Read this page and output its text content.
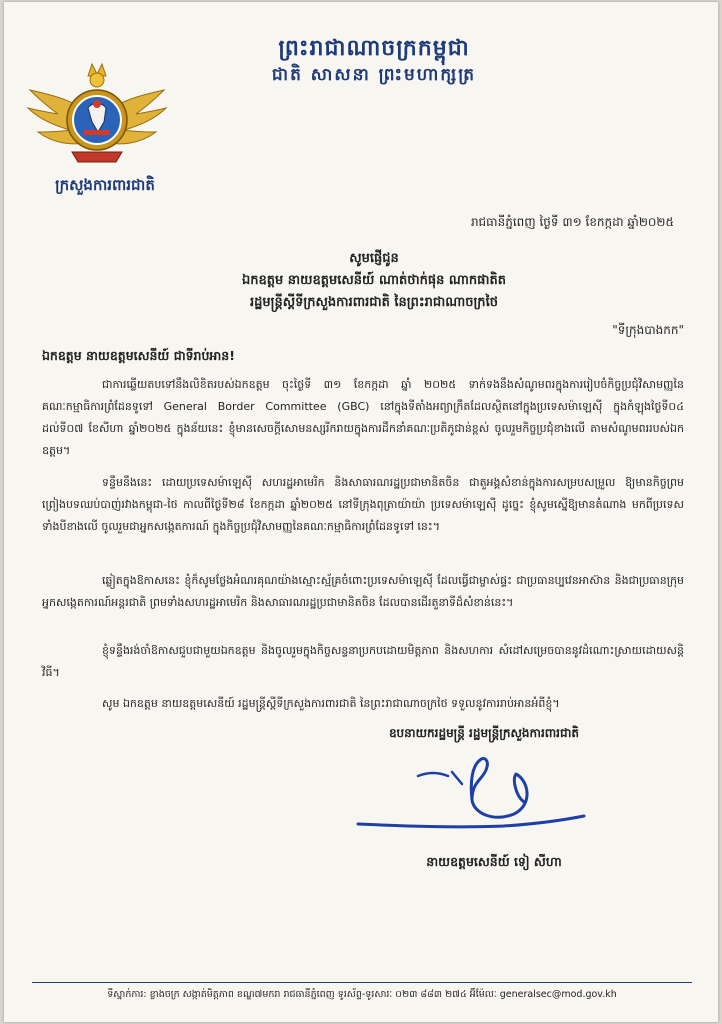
ព្រះរាជាណាចក្រកម្ពុជា
ជាតិ សាសនា ព្រះមហាក្សត្រ
ក្រសួងការពារជាតិ
រាជធានីភ្នំពេញ ថ្ងៃទី ៣១ ខែកក្កដា ឆ្នាំ២០២៥
សូមផ្ញើជូន
ឯកឧត្តម នាយឧត្តមសេនីយ៍ ណាត់ថាក់ផុន ណាកផាតិត
រដ្ឋមន្ត្រីស្តីទីក្រសួងការពារជាតិ នៃព្រះរាជាណាចក្រថៃ
"ទីក្រុងបាងកក"
ឯកឧត្តម នាយឧត្តមសេនីយ៍ ជាទីរាប់អាន!
ជាការឆ្លើយតបទៅនឹងលិខិតរបស់ឯកឧត្តម ចុះថ្ងៃទី ៣១ ខែកក្កដា ឆ្នាំ ២០២៥ ទាក់ទងនឹងសំណូមពរក្នុងការរៀបចំកិច្ចប្រជុំវិសាមញ្ញនៃគណៈកម្មាធិការព្រំដែនទូទៅ General Border Committee (GBC) នៅក្នុងទីតាំងអព្យាក្រឹតដែលស្ថិតនៅក្នុងប្រទេសម៉ាឡេស៊ី ក្នុងកំឡុងថ្ងៃទី០៤ ដល់ទី០៧ ខែសីហា ឆ្នាំ២០២៥ ក្នុងន័យនេះ ខ្ញុំមានសេចក្តីសោមនស្សរីករាយក្នុងការដឹកនាំគណៈប្រតិភូជាន់ខ្ពស់ ចូលរួមកិច្ចប្រជុំខាងលើ តាមសំណូមពររបស់ឯកឧត្តម។
ទន្ទឹមនឹងនេះ ដោយប្រទេសម៉ាឡេស៊ី សហរដ្ឋអាមេរិក និងសាធារណរដ្ឋប្រជាមានិតចិន ជាតួអង្គសំខាន់ក្នុងការសម្របសម្រួល ឱ្យមានកិច្ចព្រមព្រៀងបទឈប់បាញ់រវាងកម្ពុជា-ថៃ កាលពីថ្ងៃទី២៨ ខែកក្កដា ឆ្នាំ២០២៥ នៅទីក្រុងពុត្រាយ៉ាយ៉ា ប្រទេសម៉ាឡេស៊ី ដូច្នេះ ខ្ញុំសូមស្នើឱ្យមានតំណាង មកពីប្រទេសទាំងបីខាងលើ ចូលរួមជាអ្នកសង្កេតការណ៍ ក្នុងកិច្ចប្រជុំវិសាមញ្ញនៃគណៈកម្មាធិការព្រំដែនទូទៅ នេះ។
ឆ្លៀតក្នុងឱកាសនេះ ខ្ញុំក៏សូមថ្លែងអំណរគុណយ៉ាងស្មោះស្ម័គ្រចំពោះប្រទេសម៉ាឡេស៊ី ដែលធ្វើជាម្ចាស់ផ្ទះ ជាប្រធានប្បវេនអាស៊ាន និងជាប្រធានក្រុមអ្នកសង្កេតការណ៍អន្តរជាតិ ព្រមទាំងសហរដ្ឋអាមេរិក និងសាធារណរដ្ឋប្រជាមានិតចិន ដែលបានដើរតួនាទីដ៏សំខាន់នេះ។
ខ្ញុំទន្ទឹងរង់ចាំឱកាសជួបជាមួយឯកឧត្តម និងចូលរួមក្នុងកិច្ចសន្ទនាប្រកបដោយមិត្តភាព និងសហការ សំដៅសម្រេចបាននូវដំណោះស្រាយដោយសន្តិវិធី។
សូម ឯកឧត្តម នាយឧត្តមសេនីយ៍ រដ្ឋមន្ត្រីស្តីទីក្រសួងការពារជាតិ នៃព្រះរាជាណាចក្រថៃ ទទួលនូវការរាប់អានអំពីខ្ញុំ។
ឧបនាយករដ្ឋមន្ត្រី រដ្ឋមន្ត្រីក្រសួងការពារជាតិ
នាយឧត្តមសេនីយ៍ ទៀ សីហា
ទីស្នាក់ការ: ខ្លាងចក្រ សង្កាត់មិត្តភាព ខណ្ឌ៧មករា រាជធានីភ្នំពេញ ទូរស័ព្ទ-ទូរសារៈ ០២៣ ៨៨៣ ២៧៤ អ៊ីម៉ែលៈ generalsec@mod.gov.kh
